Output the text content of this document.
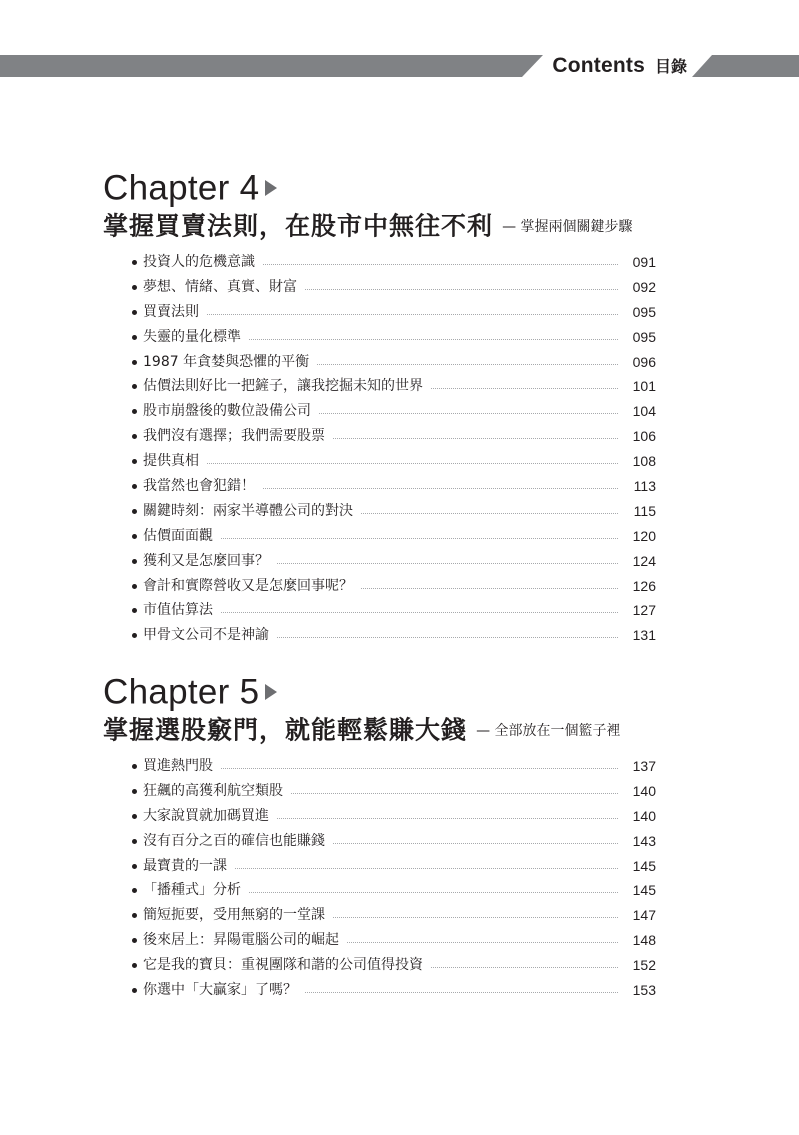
Contents 目錄
Chapter 4
掌握買賣法則，在股市中無往不利 — 掌握兩個關鍵步驟
投資人的危機意識	091
夢想、情緒、真實、財富	092
買賣法則	095
失靈的量化標準	095
1987 年貪婪與恐懼的平衡	096
估價法則好比一把鏟子，讓我挖掘未知的世界	101
股市崩盤後的數位設備公司	104
我們沒有選擇；我們需要股票	106
提供真相	108
我當然也會犯錯！	113
關鍵時刻：兩家半導體公司的對決	115
估價面面觀	120
獲利又是怎麼回事？	124
會計和實際營收又是怎麼回事呢？	126
市值估算法	127
甲骨文公司不是神諭	131
Chapter 5
掌握選股竅門，就能輕鬆賺大錢 — 全部放在一個籃子裡
買進熱門股	137
狂飆的高獲利航空類股	140
大家說買就加碼買進	140
沒有百分之百的確信也能賺錢	143
最寶貴的一課	145
「播種式」分析	145
簡短扼要，受用無窮的一堂課	147
後來居上：昇陽電腦公司的崛起	148
它是我的寶貝：重視團隊和諧的公司值得投資	152
你選中「大贏家」了嗎？	153
